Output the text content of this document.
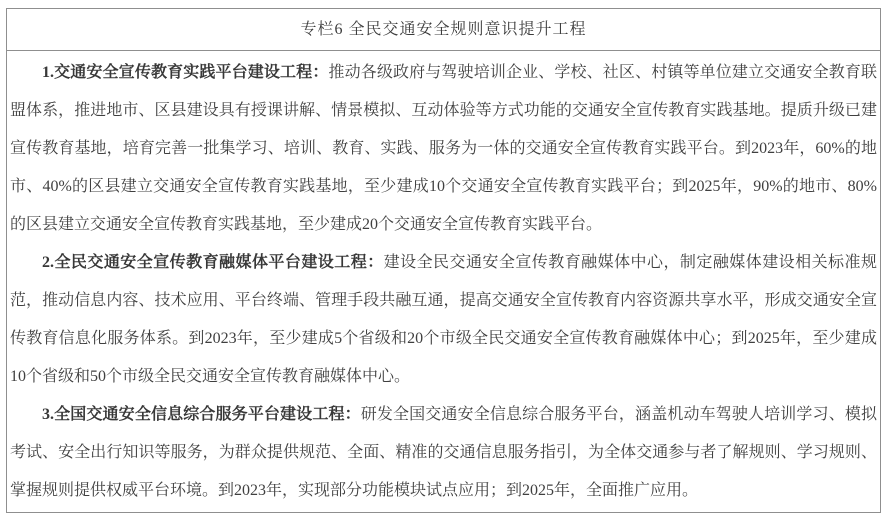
专栏6 全民交通安全规则意识提升工程

1.交通安全宣传教育实践平台建设工程：推动各级政府与驾驶培训企业、学校、社区、村镇等单位建立交通安全教育联盟体系，推进地市、区县建设具有授课讲解、情景模拟、互动体验等方式功能的交通安全宣传教育实践基地。提质升级已建宣传教育基地，培育完善一批集学习、培训、教育、实践、服务为一体的交通安全宣传教育实践平台。到2023年，60%的地市、40%的区县建立交通安全宣传教育实践基地，至少建成10个交通安全宣传教育实践平台；到2025年，90%的地市、80%的区县建立交通安全宣传教育实践基地，至少建成20个交通安全宣传教育实践平台。

2.全民交通安全宣传教育融媒体平台建设工程：建设全民交通安全宣传教育融媒体中心，制定融媒体建设相关标准规范，推动信息内容、技术应用、平台终端、管理手段共融互通，提高交通安全宣传教育内容资源共享水平，形成交通安全宣传教育信息化服务体系。到2023年，至少建成5个省级和20个市级全民交通安全宣传教育融媒体中心；到2025年，至少建成10个省级和50个市级全民交通安全宣传教育融媒体中心。

3.全国交通安全信息综合服务平台建设工程：研发全国交通安全信息综合服务平台，涵盖机动车驾驶人培训学习、模拟考试、安全出行知识等服务，为群众提供规范、全面、精准的交通信息服务指引，为全体交通参与者了解规则、学习规则、掌握规则提供权威平台环境。到2023年，实现部分功能模块试点应用；到2025年，全面推广应用。
